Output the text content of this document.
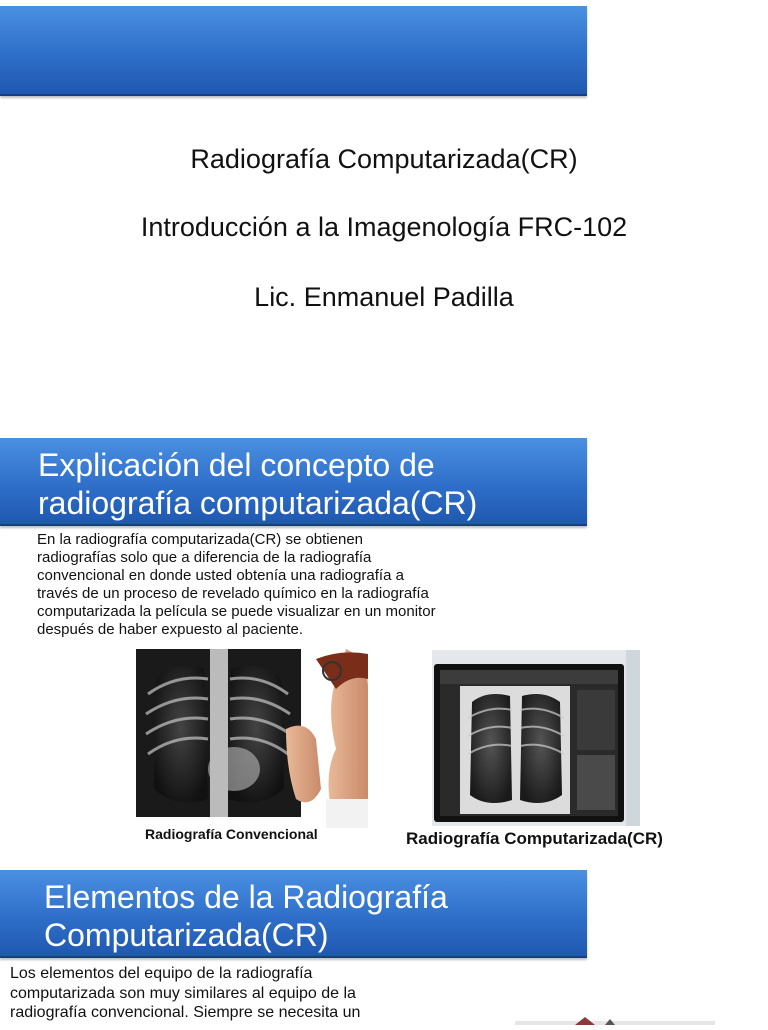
Radiografía Computarizada(CR)
Introducción a la Imagenología FRC-102
Lic. Enmanuel Padilla
Explicación del concepto de
radiografía computarizada(CR)
En la radiografía computarizada(CR) se obtienen radiografías solo que a diferencia de la radiografía convencional en donde usted obtenía una radiografía a través de un proceso de revelado químico en la radiografía computarizada la película se puede visualizar en un monitor después de haber expuesto al paciente.
Radiografía Convencional	Radiografía Computarizada(CR)
Elementos de la Radiografía
Computarizada(CR)
Los elementos del equipo de la radiografía computarizada son muy similares al equipo de la radiografía convencional. Siempre se necesita un
